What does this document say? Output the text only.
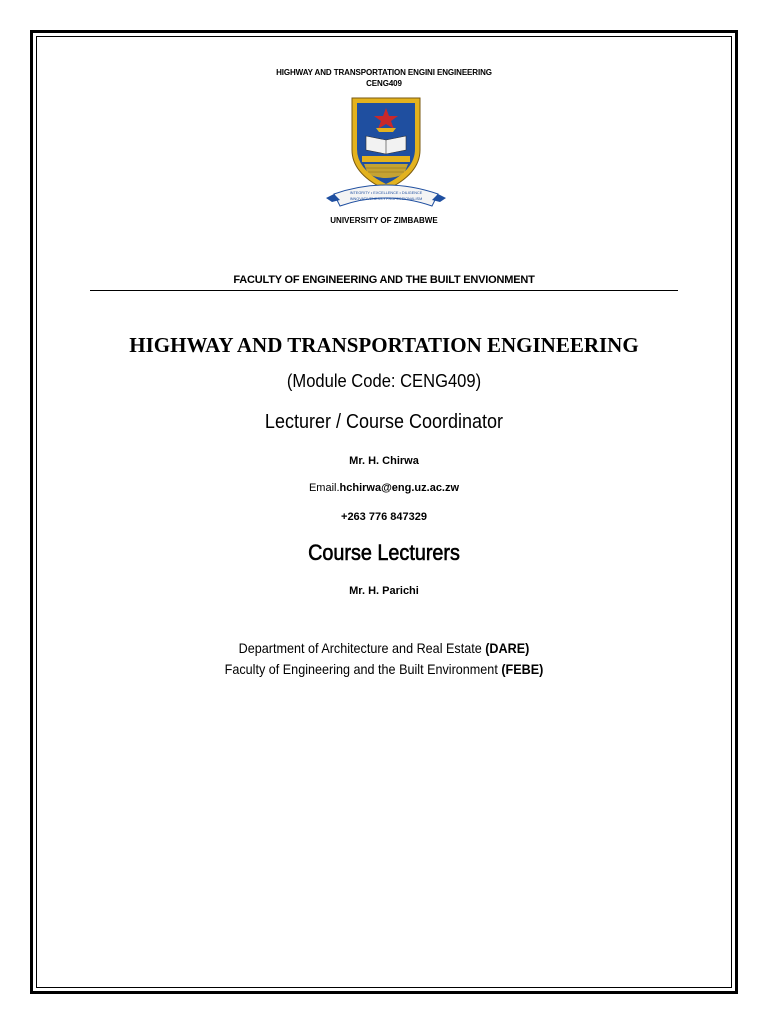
HIGHWAY AND TRANSPORTATION ENGINI ENGINEERING
CENG409
INTEGRITY • EXCELLENCE • DILIGENCE
INNOVATIVENESS • PROFESSIONALISM
UNIVERSITY OF ZIMBABWE
FACULTY OF ENGINEERING AND THE BUILT ENVIONMENT
HIGHWAY AND TRANSPORTATION ENGINEERING
(Module Code: CENG409)
Lecturer / Course Coordinator
Mr. H. Chirwa
Email.hchirwa@eng.uz.ac.zw
+263 776 847329
Course Lecturers
Mr. H. Parichi
Department of Architecture and Real Estate (DARE)
Faculty of Engineering and the Built Environment (FEBE)
